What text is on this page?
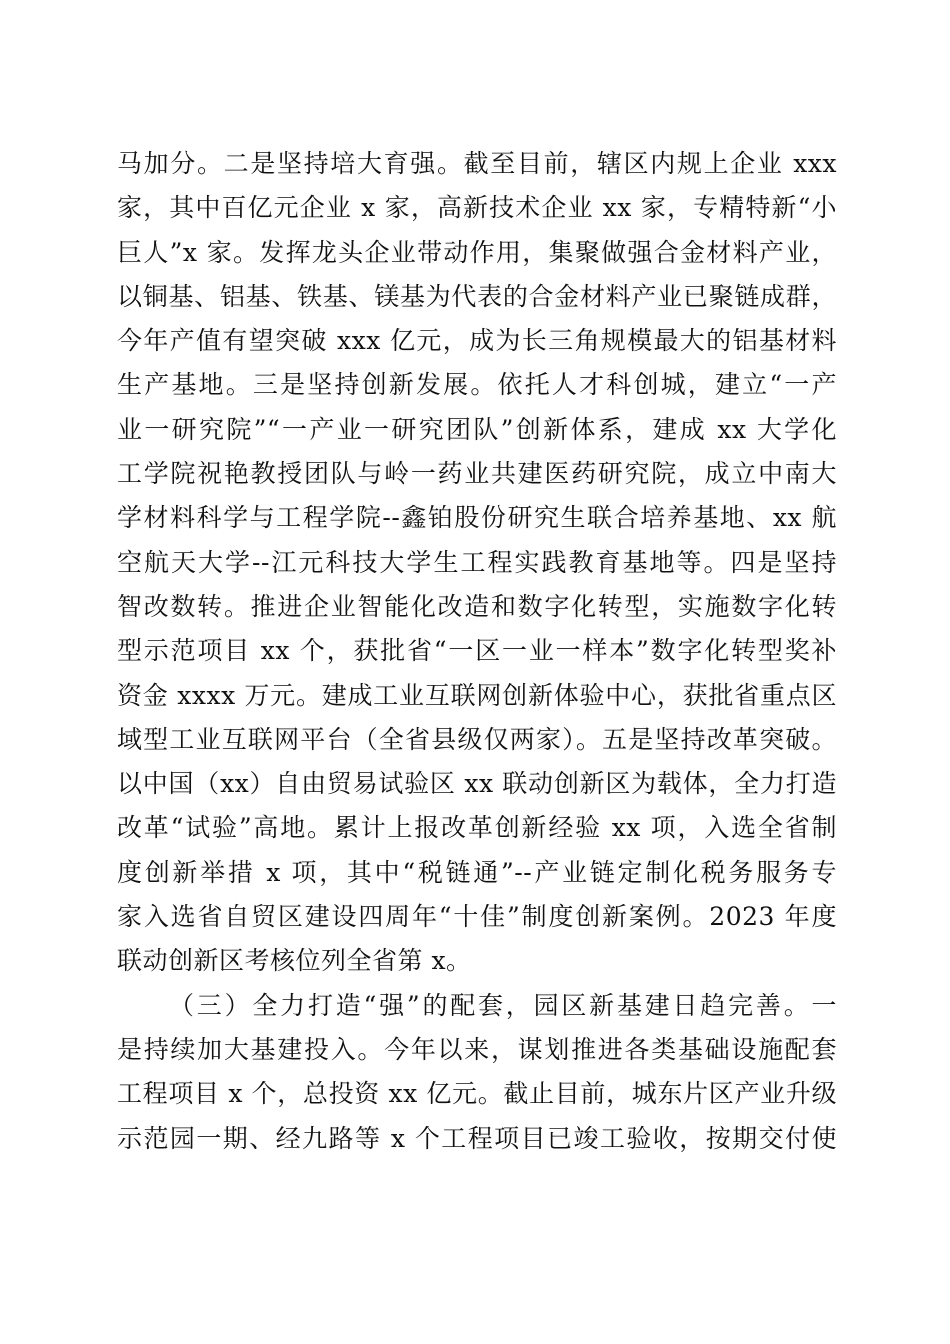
马加分。二是坚持培大育强。截至目前，辖区内规上企业 xxx
家，其中百亿元企业 x 家，高新技术企业 xx 家，专精特新“小
巨人”x 家。发挥龙头企业带动作用，集聚做强合金材料产业，
以铜基、铝基、铁基、镁基为代表的合金材料产业已聚链成群，
今年产值有望突破 xxx 亿元，成为长三角规模最大的铝基材料
生产基地。三是坚持创新发展。依托人才科创城，建立“一产
业一研究院”“一产业一研究团队”创新体系，建成 xx 大学化
工学院祝艳教授团队与岭一药业共建医药研究院，成立中南大
学材料科学与工程学院--鑫铂股份研究生联合培养基地、xx 航
空航天大学--江元科技大学生工程实践教育基地等。四是坚持
智改数转。推进企业智能化改造和数字化转型，实施数字化转
型示范项目 xx 个，获批省“一区一业一样本”数字化转型奖补
资金 xxxx 万元。建成工业互联网创新体验中心，获批省重点区
域型工业互联网平台（全省县级仅两家）。五是坚持改革突破。
以中国（xx）自由贸易试验区 xx 联动创新区为载体，全力打造
改革“试验”高地。累计上报改革创新经验 xx 项，入选全省制
度创新举措 x 项，其中“税链通”--产业链定制化税务服务专
家入选省自贸区建设四周年“十佳”制度创新案例。2023 年度
联动创新区考核位列全省第 x。
（三）全力打造“强”的配套，园区新基建日趋完善。一
是持续加大基建投入。今年以来，谋划推进各类基础设施配套
工程项目 x 个，总投资 xx 亿元。截止目前，城东片区产业升级
示范园一期、经九路等 x 个工程项目已竣工验收，按期交付使
